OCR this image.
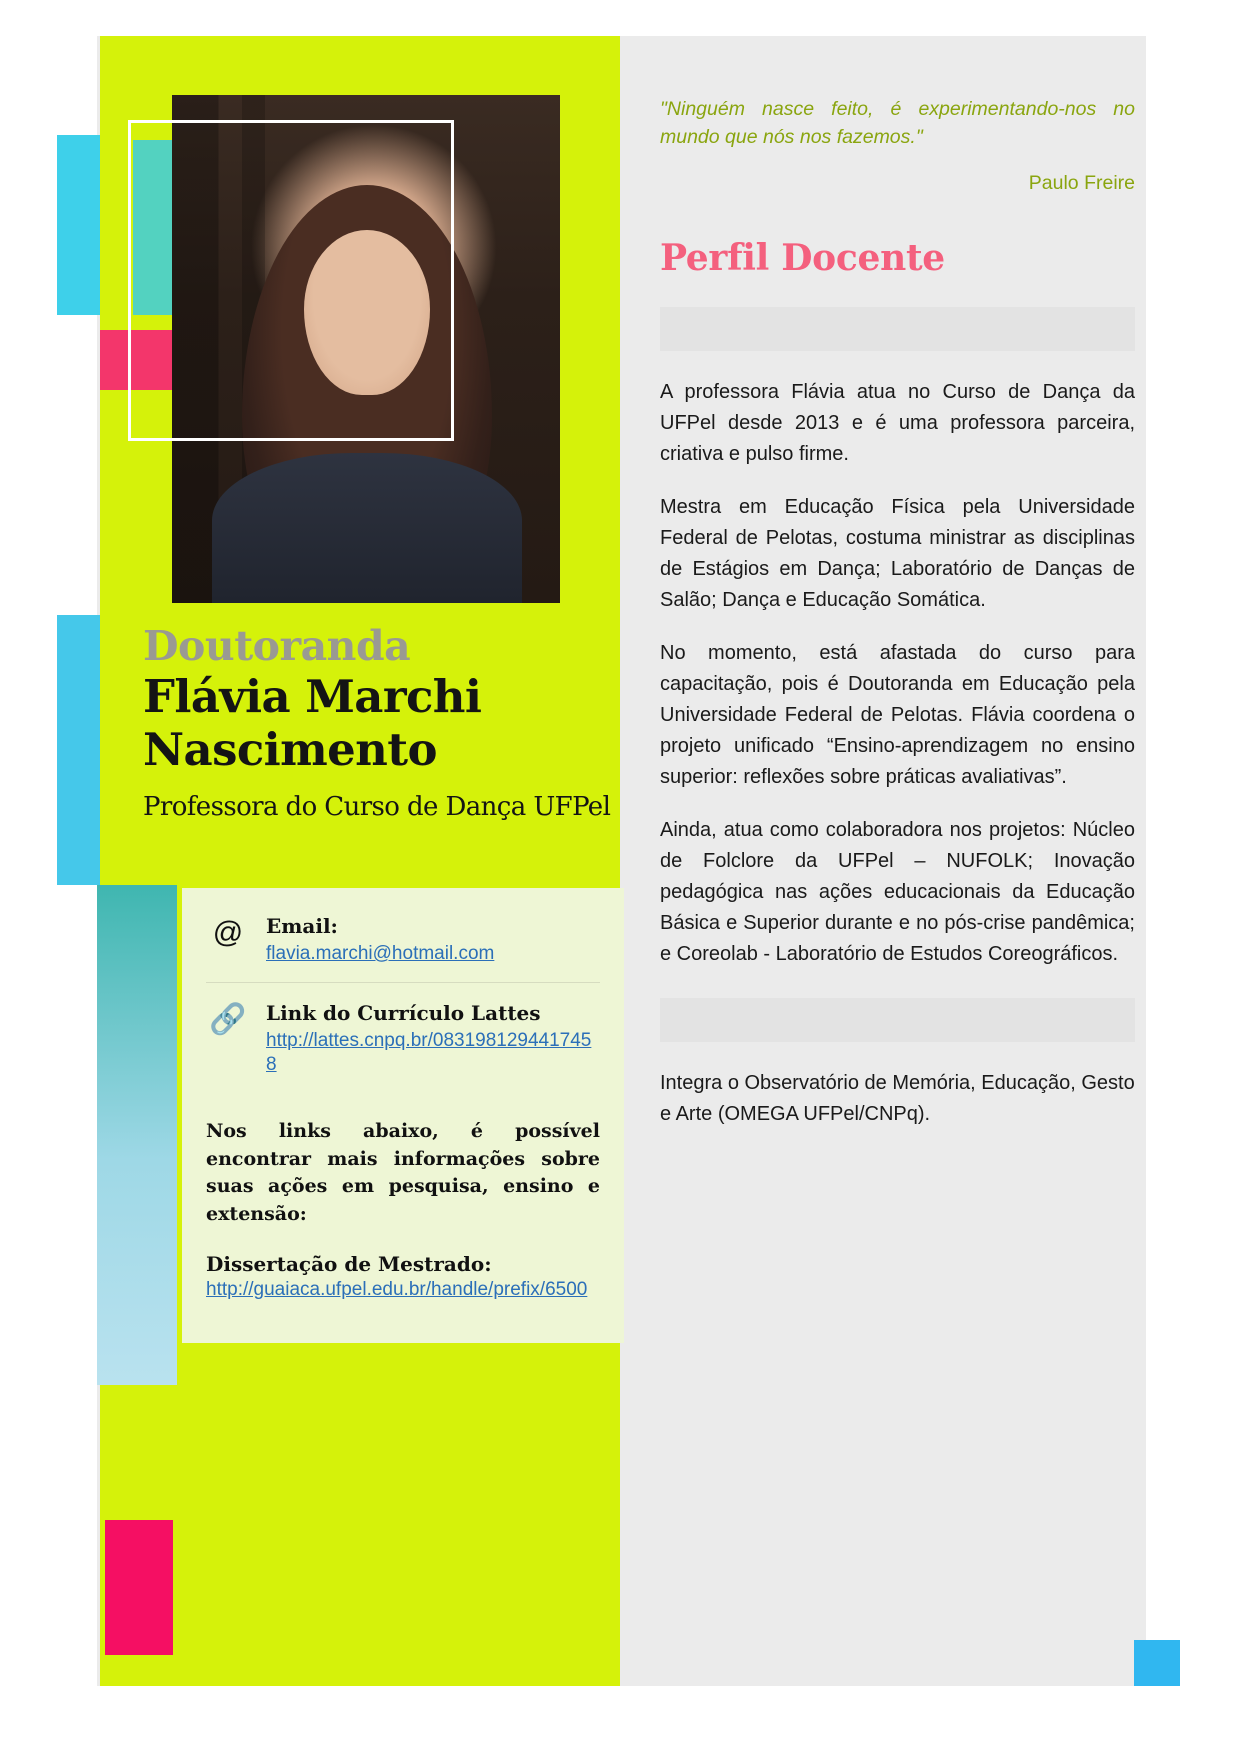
Doutoranda
Flávia Marchi Nascimento
Professora do Curso de Dança UFPel
@	Email:
flavia.marchi@hotmail.com
🔗 Link do Currículo Lattes
http://lattes.cnpq.br/0831981294417458
Nos links abaixo, é possível encontrar mais informações sobre suas ações em pesquisa, ensino e extensão:
Dissertação de Mestrado:
http://guaiaca.ufpel.edu.br/handle/prefix/6500

"Ninguém nasce feito, é experimentando-nos no mundo que nós nos fazemos."

Paulo Freire
Perfil Docente

A professora Flávia atua no Curso de Dança da UFPel desde 2013 e é uma professora parceira, criativa e pulso firme.

Mestra em Educação Física pela Universidade Federal de Pelotas, costuma ministrar as disciplinas de Estágios em Dança; Laboratório de Danças de Salão; Dança e Educação Somática.

No momento, está afastada do curso para capacitação, pois é Doutoranda em Educação pela Universidade Federal de Pelotas. Flávia coordena o projeto unificado “Ensino-aprendizagem no ensino superior: reflexões sobre práticas avaliativas”.

Ainda, atua como colaboradora nos projetos: Núcleo de Folclore da UFPel – NUFOLK; Inovação pedagógica nas ações educacionais da Educação Básica e Superior durante e no pós-crise pandêmica; e Coreolab - Laboratório de Estudos Coreográficos.

Integra o Observatório de Memória, Educação, Gesto e Arte (OMEGA UFPel/CNPq).
